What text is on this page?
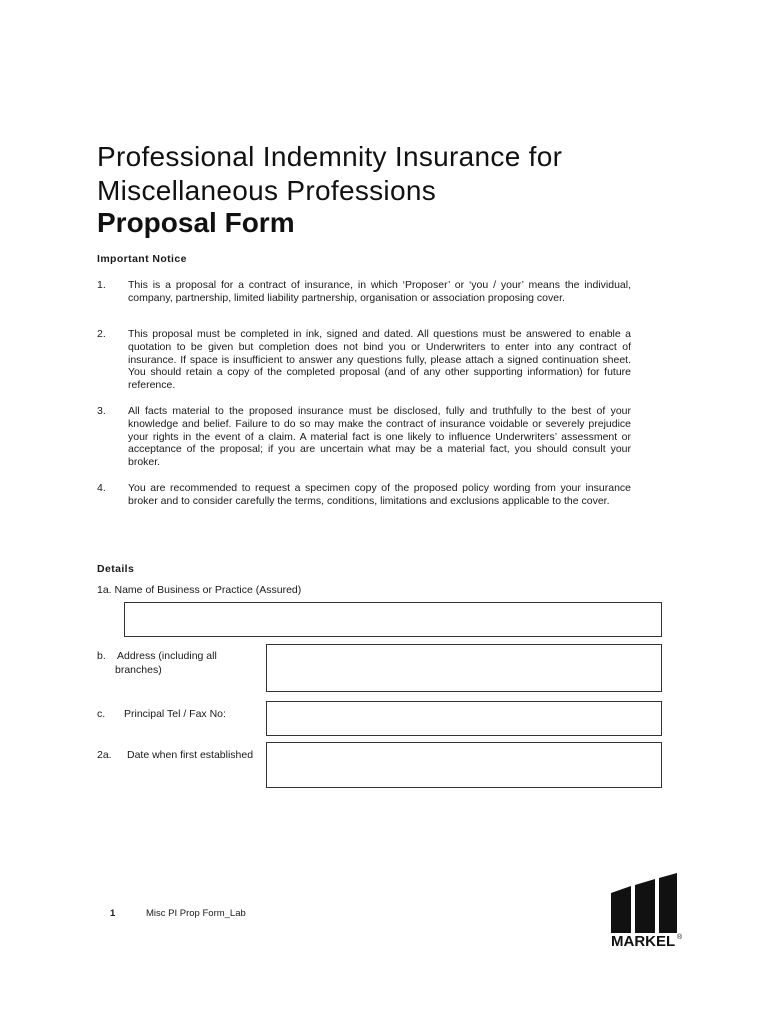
Professional Indemnity Insurance for
Miscellaneous Professions
Proposal Form
Important Notice
1. This is a proposal for a contract of insurance, in which ‘Proposer’ or ‘you / your’ means the individual, company, partnership, limited liability partnership, organisation or association proposing cover.
2. This proposal must be completed in ink, signed and dated. All questions must be answered to enable a quotation to be given but completion does not bind you or Underwriters to enter into any contract of insurance. If space is insufficient to answer any questions fully, please attach a signed continuation sheet. You should retain a copy of the completed proposal (and of any other supporting information) for future reference.
3. All facts material to the proposed insurance must be disclosed, fully and truthfully to the best of your knowledge and belief. Failure to do so may make the contract of insurance voidable or severely prejudice your rights in the event of a claim. A material fact is one likely to influence Underwriters’ assessment or acceptance of the proposal; if you are uncertain what may be a material fact, you should consult your broker.
4. You are recommended to request a specimen copy of the proposed policy wording from your insurance broker and to consider carefully the terms, conditions, limitations and exclusions applicable to the cover.
Details
1a. Name of Business or Practice (Assured)
b. Address (including all
branches)
c. Principal Tel / Fax No:
2a. Date when first established
1	Misc PI Prop Form_Lab
MARKEL ®
